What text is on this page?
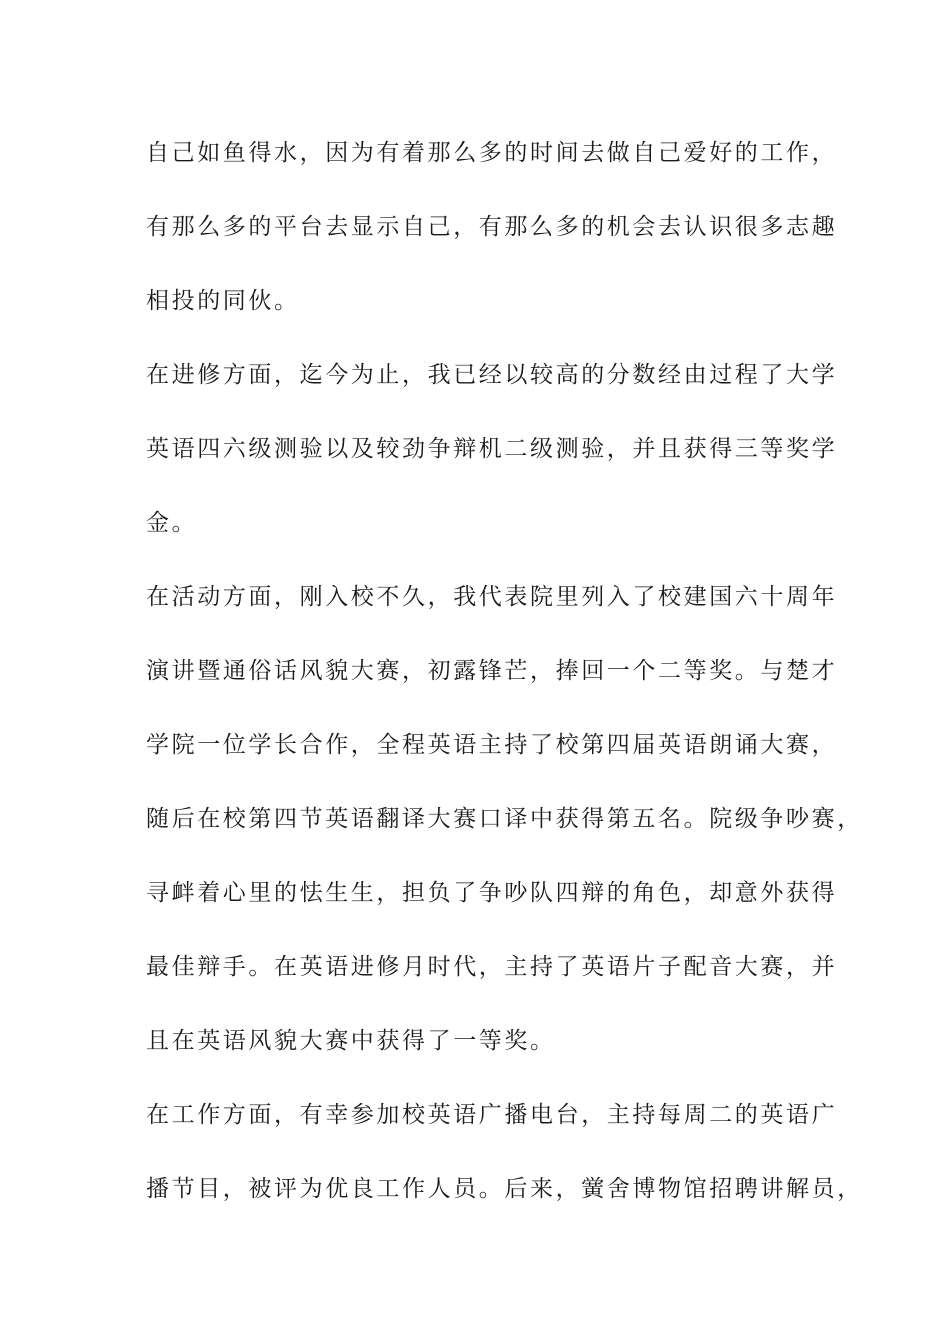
自己如鱼得水，因为有着那么多的时间去做自己爱好的工作，
有那么多的平台去显示自己，有那么多的机会去认识很多志趣
相投的同伙。
在进修方面，迄今为止，我已经以较高的分数经由过程了大学
英语四六级测验以及较劲争辩机二级测验，并且获得三等奖学
金。
在活动方面，刚入校不久，我代表院里列入了校建国六十周年
演讲暨通俗话风貌大赛，初露锋芒，捧回一个二等奖。与楚才
学院一位学长合作，全程英语主持了校第四届英语朗诵大赛，
随后在校第四节英语翻译大赛口译中获得第五名。院级争吵赛，
寻衅着心里的怯生生，担负了争吵队四辩的角色，却意外获得
最佳辩手。在英语进修月时代，主持了英语片子配音大赛，并
且在英语风貌大赛中获得了一等奖。
在工作方面，有幸参加校英语广播电台，主持每周二的英语广
播节目，被评为优良工作人员。后来，黉舍博物馆招聘讲解员，
